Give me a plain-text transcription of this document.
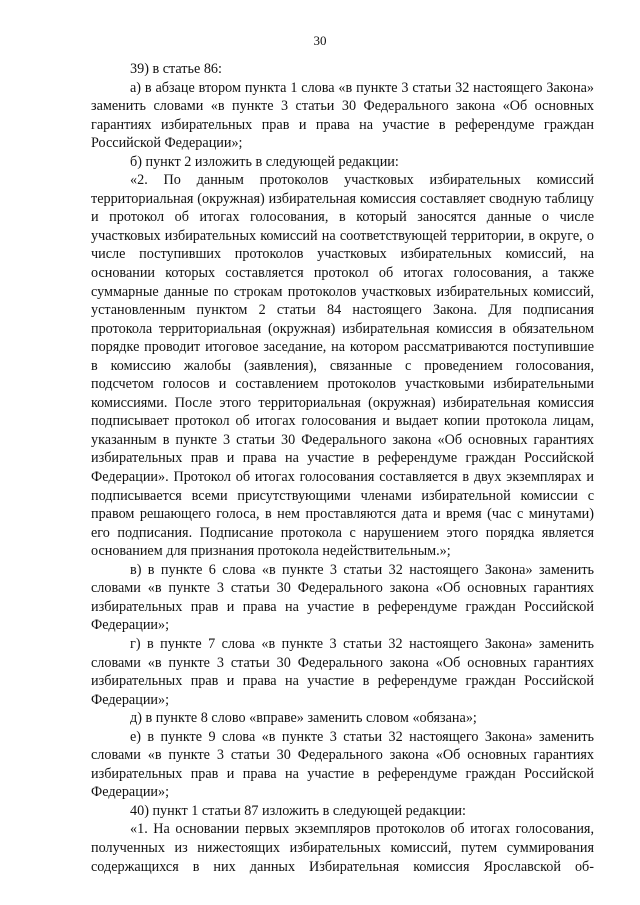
30

39) в статье 86:

а) в абзаце втором пункта 1 слова «в пункте 3 статьи 32 настоящего Закона» заменить словами «в пункте 3 статьи 30 Федерального закона «Об основных гарантиях избирательных прав и права на участие в референдуме граждан Российской Федерации»;

б) пункт 2 изложить в следующей редакции:

«2. По данным протоколов участковых избирательных комиссий территориальная (окружная) избирательная комиссия составляет сводную таблицу и протокол об итогах голосования, в который заносятся данные о числе участковых избирательных комиссий на соответствующей территории, в округе, о числе поступивших протоколов участковых избирательных комиссий, на основании которых составляется протокол об итогах голосования, а также суммарные данные по строкам протоколов участковых избирательных комиссий, установленным пунктом 2 статьи 84 настоящего Закона. Для подписания протокола территориальная (окружная) избирательная комиссия в обязательном порядке проводит итоговое заседание, на котором рассматриваются поступившие в комиссию жалобы (заявления), связанные с проведением голосования, подсчетом голосов и составлением протоколов участковыми избирательными комиссиями. После этого территориальная (окружная) избирательная комиссия подписывает протокол об итогах голосования и выдает копии протокола лицам, указанным в пункте 3 статьи 30 Федерального закона «Об основных гарантиях избирательных прав и права на участие в референдуме граждан Российской Федерации». Протокол об итогах голосования составляется в двух экземплярах и подписывается всеми присутствующими членами избирательной комиссии с правом решающего голоса, в нем проставляются дата и время (час с минутами) его подписания. Подписание протокола с нарушением этого порядка является основанием для признания протокола недействительным.»;

в) в пункте 6 слова «в пункте 3 статьи 32 настоящего Закона» заменить словами «в пункте 3 статьи 30 Федерального закона «Об основных гарантиях избирательных прав и права на участие в референдуме граждан Российской Федерации»;

г) в пункте 7 слова «в пункте 3 статьи 32 настоящего Закона» заменить словами «в пункте 3 статьи 30 Федерального закона «Об основных гарантиях избирательных прав и права на участие в референдуме граждан Российской Федерации»;

д) в пункте 8 слово «вправе» заменить словом «обязана»;

е) в пункте 9 слова «в пункте 3 статьи 32 настоящего Закона» заменить словами «в пункте 3 статьи 30 Федерального закона «Об основных гарантиях избирательных прав и права на участие в референдуме граждан Российской Федерации»;

40) пункт 1 статьи 87 изложить в следующей редакции:

«1. На основании первых экземпляров протоколов об итогах голосования, полученных из нижестоящих избирательных комиссий, путем суммирования содержащихся в них данных Избирательная комиссия Ярославской об-
